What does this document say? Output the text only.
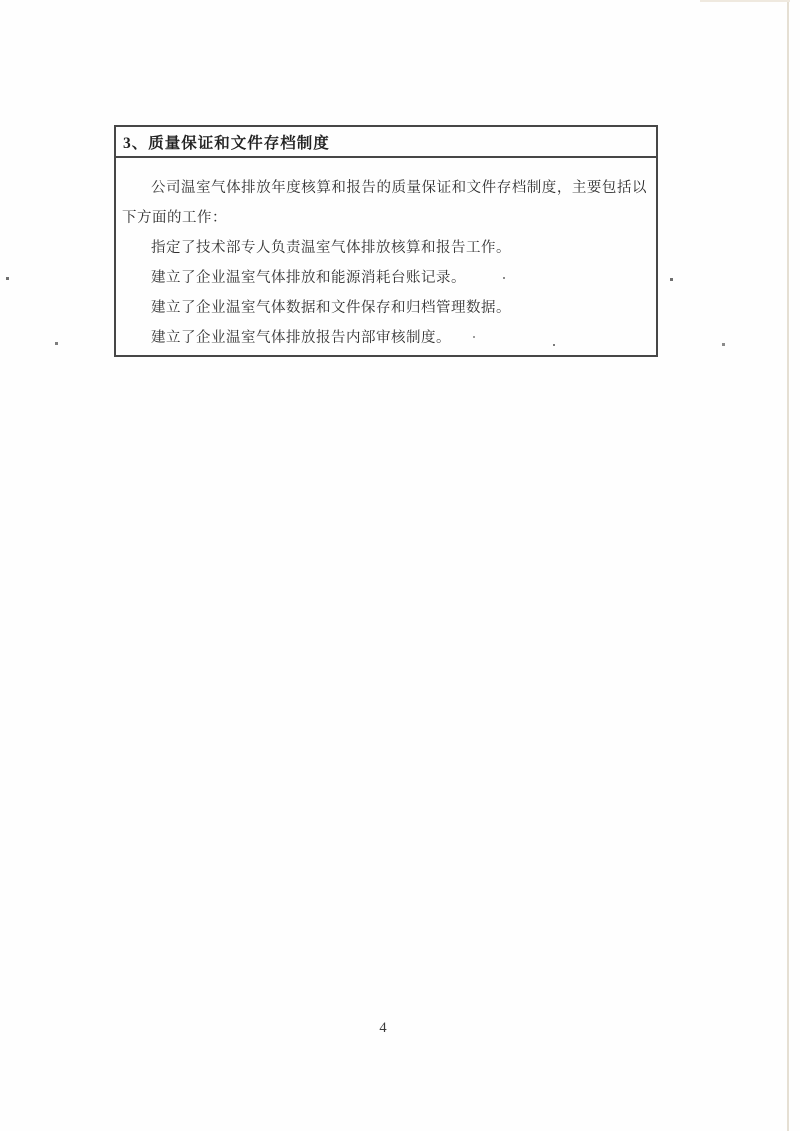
3、质量保证和文件存档制度
公司温室气体排放年度核算和报告的质量保证和文件存档制度，主要包括以
下方面的工作：
指定了技术部专人负责温室气体排放核算和报告工作。
建立了企业温室气体排放和能源消耗台账记录。
建立了企业温室气体数据和文件保存和归档管理数据。
建立了企业温室气体排放报告内部审核制度。
4
